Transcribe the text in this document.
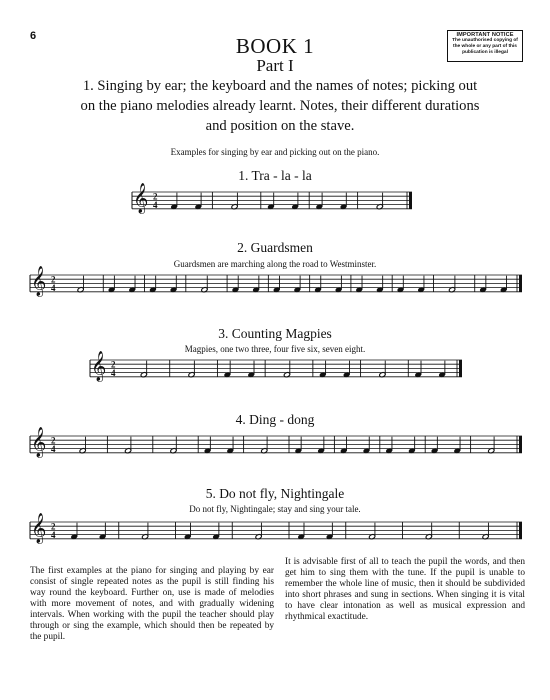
6	IMPORTANT NOTICE
The unauthorised copying of the whole or any part of this publication is illegal
BOOK 1
Part I
1. Singing by ear; the keyboard and the names of notes; picking out on the piano melodies already learnt. Notes, their different durations and position on the stave.
Examples for singing by ear and picking out on the piano.
1. Tra - la - la
𝄞 2
4
2. Guardsmen
Guardsmen are marching along the road to Westminster.
𝄞 2
4
3. Counting Magpies
Magpies, one two three, four five six, seven eight.
𝄞 2
4
4. Ding - dong
𝄞 2
4
5. Do not fly, Nightingale
Do not fly, Nightingale; stay and sing your tale.
𝄞 2
4
The first examples at the piano for singing and playing by ear consist of single repeated notes as the pupil is still finding his way round the keyboard. Further on, use is made of melodies with more movement of notes, and with gradually widening intervals. When working with the pupil the teacher should play through or sing the example, which should then be repeated by the pupil.
It is advisable first of all to teach the pupil the words, and then get him to sing them with the tune. If the pupil is unable to remember the whole line of music, then it should be subdivided into short phrases and sung in sections. When singing it is vital to have clear intonation as well as musical expression and rhythmical exactitude.
